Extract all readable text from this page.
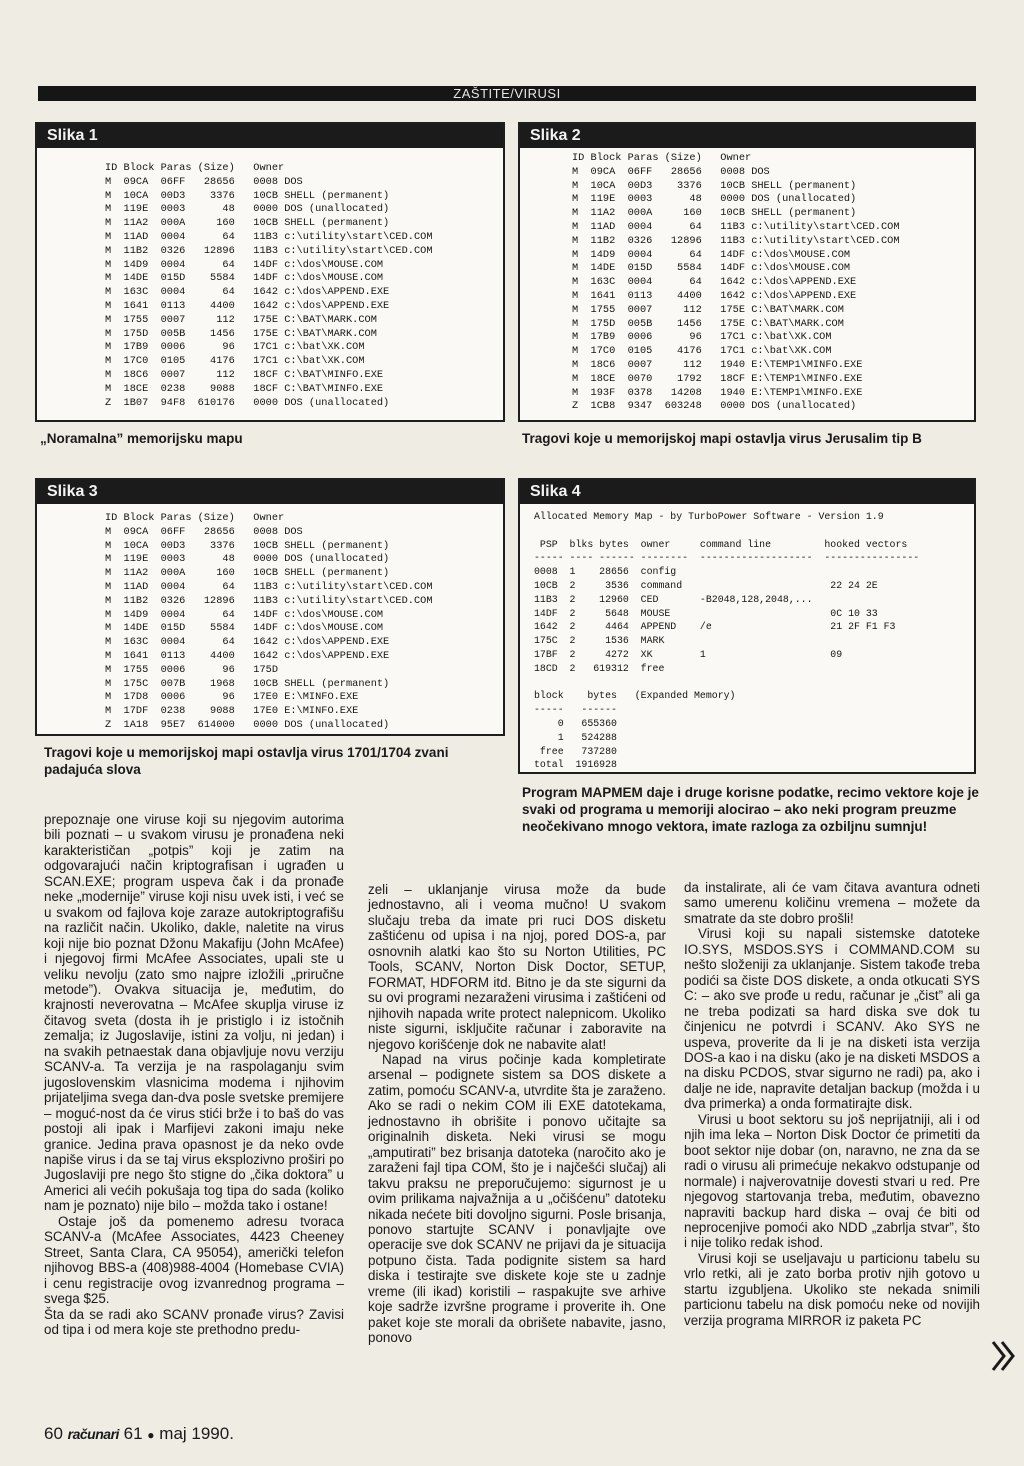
ZAŠTITE/VIRUSI
Slika 1
ID Block Paras (Size)   Owner
M  09CA  06FF   28656   0008 DOS
M  10CA  00D3    3376   10CB SHELL (permanent)
M  119E  0003      48   0000 DOS (unallocated)
M  11A2  000A     160   10CB SHELL (permanent)
M  11AD  0004      64   11B3 c:\utility\start\CED.COM
M  11B2  0326   12896   11B3 c:\utility\start\CED.COM
M  14D9  0004      64   14DF c:\dos\MOUSE.COM
M  14DE  015D    5584   14DF c:\dos\MOUSE.COM
M  163C  0004      64   1642 c:\dos\APPEND.EXE
M  1641  0113    4400   1642 c:\dos\APPEND.EXE
M  1755  0007     112   175E C:\BAT\MARK.COM
M  175D  005B    1456   175E C:\BAT\MARK.COM
M  17B9  0006      96   17C1 c:\bat\XK.COM
M  17C0  0105    4176   17C1 c:\bat\XK.COM
M  18C6  0007     112   18CF C:\BAT\MINFO.EXE
M  18CE  0238    9088   18CF C:\BAT\MINFO.EXE
Z  1B07  94F8  610176   0000 DOS (unallocated)
„Noramalna” memorijsku mapu
Slika 2
ID Block Paras (Size)   Owner
M  09CA  06FF   28656   0008 DOS
M  10CA  00D3    3376   10CB SHELL (permanent)
M  119E  0003      48   0000 DOS (unallocated)
M  11A2  000A     160   10CB SHELL (permanent)
M  11AD  0004      64   11B3 c:\utility\start\CED.COM
M  11B2  0326   12896   11B3 c:\utility\start\CED.COM
M  14D9  0004      64   14DF c:\dos\MOUSE.COM
M  14DE  015D    5584   14DF c:\dos\MOUSE.COM
M  163C  0004      64   1642 c:\dos\APPEND.EXE
M  1641  0113    4400   1642 c:\dos\APPEND.EXE
M  1755  0007     112   175E C:\BAT\MARK.COM
M  175D  005B    1456   175E C:\BAT\MARK.COM
M  17B9  0006      96   17C1 c:\bat\XK.COM
M  17C0  0105    4176   17C1 c:\bat\XK.COM
M  18C6  0007     112   1940 E:\TEMP1\MINFO.EXE
M  18CE  0070    1792   18CF E:\TEMP1\MINFO.EXE
M  193F  0378   14208   1940 E:\TEMP1\MINFO.EXE
Z  1CB8  9347  603248   0000 DOS (unallocated)
Tragovi koje u memorijskoj mapi ostavlja virus Jerusalim tip B
Slika 3
ID Block Paras (Size)   Owner
M  09CA  06FF   28656   0008 DOS
M  10CA  00D3    3376   10CB SHELL (permanent)
M  119E  0003      48   0000 DOS (unallocated)
M  11A2  000A     160   10CB SHELL (permanent)
M  11AD  0004      64   11B3 c:\utility\start\CED.COM
M  11B2  0326   12896   11B3 c:\utility\start\CED.COM
M  14D9  0004      64   14DF c:\dos\MOUSE.COM
M  14DE  015D    5584   14DF c:\dos\MOUSE.COM
M  163C  0004      64   1642 c:\dos\APPEND.EXE
M  1641  0113    4400   1642 c:\dos\APPEND.EXE
M  1755  0006      96   175D
M  175C  007B    1968   10CB SHELL (permanent)
M  17D8  0006      96   17E0 E:\MINFO.EXE
M  17DF  0238    9088   17E0 E:\MINFO.EXE
Z  1A18  95E7  614000   0000 DOS (unallocated)
Tragovi koje u memorijskoj mapi ostavlja virus 1701/1704 zvani padajuća slova
Slika 4
Allocated Memory Map - by TurboPower Software - Version 1.9

PSP  blks bytes  owner     command line         hooked vectors
----- ---- ------ --------  -------------------  ----------------
0008  1    28656  config
10CB  2     3536  command                         22 24 2E
11B3  2    12960  CED       -B2048,128,2048,...
14DF  2     5648  MOUSE                           0C 10 33
1642  2     4464  APPEND    /e                    21 2F F1 F3
175C  2     1536  MARK
17BF  2     4272  XK        1                     09
18CD  2   619312  free

block    bytes   (Expanded Memory)
-----   ------
0   655360
1   524288
free   737280
total  1916928
Program MAPMEM daje i druge korisne podatke, recimo vektore koje je svaki od programa u memoriji alocirao – ako neki program preuzme neočekivano mnogo vektora, imate razloga za ozbiljnu sumnju!

prepoznaje one viruse koji su njegovim autorima bili poznati – u svakom virusu je pronađena neki karakterističan „potpis” koji je zatim na odgovarajući način kriptografisan i ugrađen u SCAN.EXE; program uspeva čak i da pronađe neke „modernije” viruse koji nisu uvek isti, i već se u svakom od fajlova koje zaraze autokriptografišu na različit način. Ukoliko, dakle, naletite na virus koji nije bio poznat Džonu Makafiju (John McAfee) i njegovoj firmi McAfee Associates, upali ste u veliku nevolju (zato smo najpre izložili „priručne metode”). Ovakva situacija je, međutim, do krajnosti neverovatna – McAfee skuplja viruse iz čitavog sveta (dosta ih je pristiglo i iz istočnih zemalja; iz Jugoslavije, istini za volju, ni jedan) i na svakih petnaestak dana objavljuje novu verziju SCANV-a. Ta verzija je na raspolaganju svim jugoslovenskim vlasnicima modema i njihovim prijateljima svega dan-dva posle svetske premijere – moguć-nost da će virus stići brže i to baš do vas postoji ali ipak i Marfijevi zakoni imaju neke granice. Jedina prava opasnost je da neko ovde napiše virus i da se taj virus eksplozivno proširi po Jugoslaviji pre nego što stigne do „čika doktora” u Americi ali većih pokušaja tog tipa do sada (koliko nam je poznato) nije bilo – možda tako i ostane!

Ostaje još da pomenemo adresu tvoraca SCANV-a (McAfee Associates, 4423 Cheeney Street, Santa Clara, CA 95054), američki telefon njihovog BBS-a (408)988-4004 (Homebase CVIA) i cenu registracije ovog izvanrednog programa – svega $25.

Šta da se radi ako SCANV pronađe virus? Zavisi od tipa i od mera koje ste prethodno predu-

zeli – uklanjanje virusa može da bude jednostavno, ali i veoma mučno! U svakom slučaju treba da imate pri ruci DOS disketu zaštićenu od upisa i na njoj, pored DOS-a, par osnovnih alatki kao što su Norton Utilities, PC Tools, SCANV, Norton Disk Doctor, SETUP, FORMAT, HDFORM itd. Bitno je da ste sigurni da su ovi programi nezaraženi virusima i zaštićeni od njihovih napada write protect nalepnicom. Ukoliko niste sigurni, isključite računar i zaboravite na njegovo korišćenje dok ne nabavite alat!

Napad na virus počinje kada kompletirate arsenal – podignete sistem sa DOS diskete a zatim, pomoću SCANV-a, utvrdite šta je zaraženo. Ako se radi o nekim COM ili EXE datotekama, jednostavno ih obrišite i ponovo učitajte sa originalnih disketa. Neki virusi se mogu „amputirati” bez brisanja datoteka (naročito ako je zaraženi fajl tipa COM, što je i najčešći slučaj) ali takvu praksu ne preporučujemo: sigurnost je u ovim prilikama najvažnija a u „očišćenu” datoteku nikada nećete biti dovoljno sigurni. Posle brisanja, ponovo startujte SCANV i ponavljajte ove operacije sve dok SCANV ne prijavi da je situacija potpuno čista. Tada podignite sistem sa hard diska i testirajte sve diskete koje ste u zadnje vreme (ili ikad) koristili – raspakujte sve arhive koje sadrže izvršne programe i proverite ih. One paket koje ste morali da obrišete nabavite, jasno, ponovo

da instalirate, ali će vam čitava avantura odneti samo umerenu količinu vremena – možete da smatrate da ste dobro prošli!

Virusi koji su napali sistemske datoteke IO.SYS, MSDOS.SYS i COMMAND.COM su nešto složeniji za uklanjanje. Sistem takođe treba podići sa čiste DOS diskete, a onda otkucati SYS C: – ako sve prođe u redu, računar je „čist” ali ga ne treba podizati sa hard diska sve dok tu činjenicu ne potvrdi i SCANV. Ako SYS ne uspeva, proverite da li je na disketi ista verzija DOS-a kao i na disku (ako je na disketi MSDOS a na disku PCDOS, stvar sigurno ne radi) pa, ako i dalje ne ide, napravite detaljan backup (možda i u dva primerka) a onda formatirajte disk.

Virusi u boot sektoru su još neprijatniji, ali i od njih ima leka – Norton Disk Doctor će primetiti da boot sektor nije dobar (on, naravno, ne zna da se radi o virusu ali primećuje nekakvo odstupanje od normale) i najverovatnije dovesti stvari u red. Pre njegovog startovanja treba, međutim, obavezno napraviti backup hard diska – ovaj će biti od neprocenjive pomoći ako NDD „zabrlja stvar”, što i nije toliko redak ishod.

Virusi koji se useljavaju u particionu tabelu su vrlo retki, ali je zato borba protiv njih gotovo u startu izgubljena. Ukoliko ste nekada snimili particionu tabelu na disk pomoću neke od novijih verzija programa MIRROR iz paketa PC

60 računari 61 ● maj 1990.
